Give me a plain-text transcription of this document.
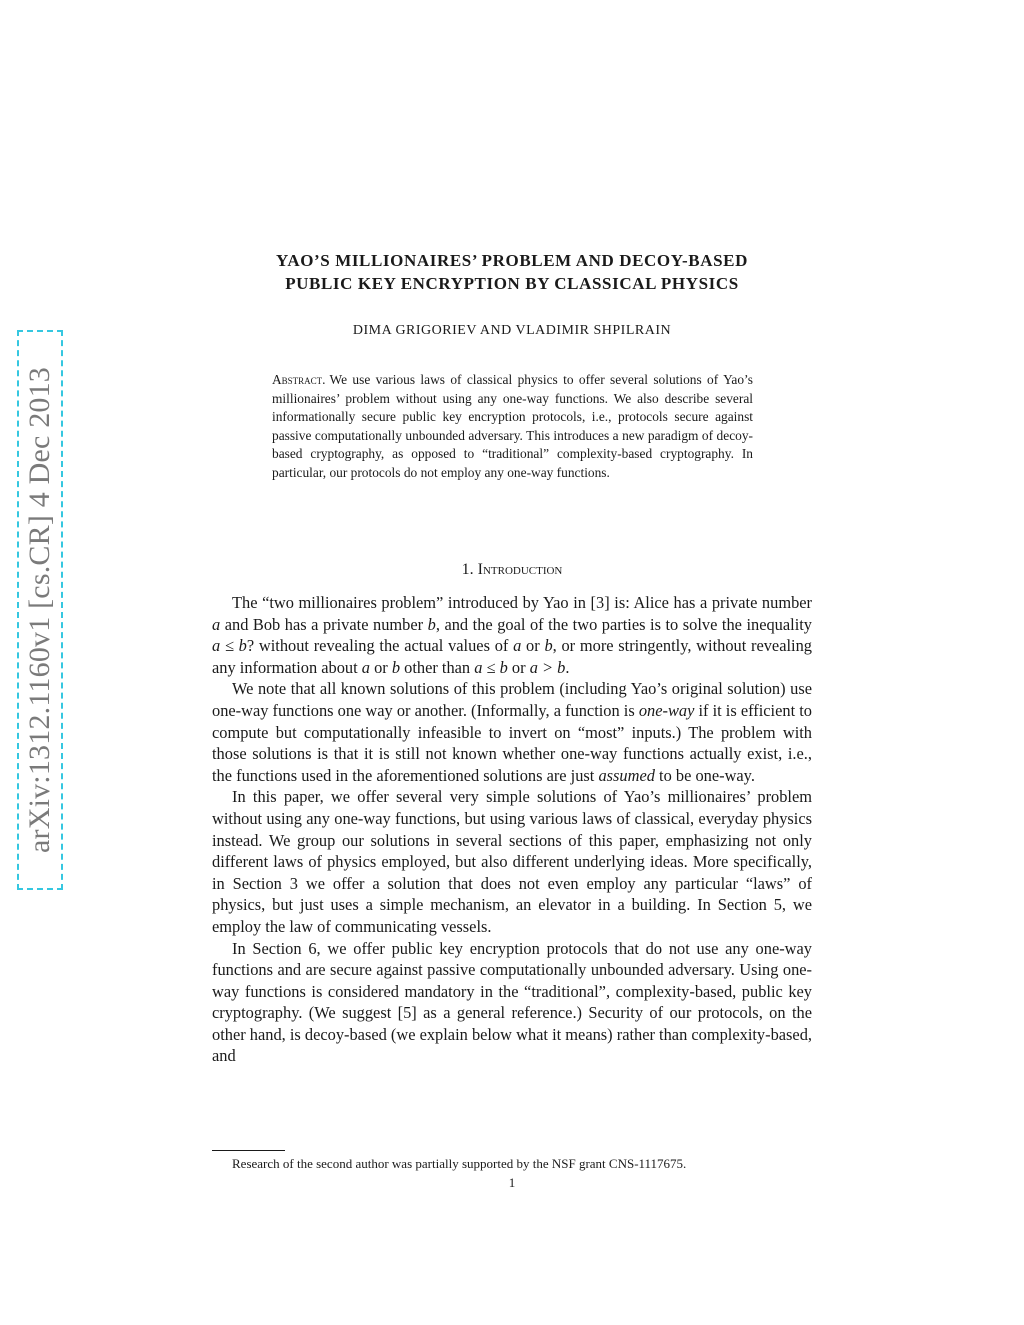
arXiv:1312.1160v1 [cs.CR] 4 Dec 2013
YAO’S MILLIONAIRES’ PROBLEM AND DECOY-BASED
PUBLIC KEY ENCRYPTION BY CLASSICAL PHYSICS
DIMA GRIGORIEV AND VLADIMIR SHPILRAIN
Abstract. We use various laws of classical physics to offer several solutions of Yao’s millionaires’ problem without using any one-way functions. We also describe several informationally secure public key encryption protocols, i.e., protocols secure against passive computationally unbounded adversary. This introduces a new paradigm of decoy-based cryptography, as opposed to “traditional” complexity-based cryptography. In particular, our protocols do not employ any one-way functions.
1. Introduction

The “two millionaires problem” introduced by Yao in [3] is: Alice has a private number a and Bob has a private number b, and the goal of the two parties is to solve the inequality a ≤ b? without revealing the actual values of a or b, or more stringently, without revealing any information about a or b other than a ≤ b or a > b.

We note that all known solutions of this problem (including Yao’s original solution) use one-way functions one way or another. (Informally, a function is one-way if it is efficient to compute but computationally infeasible to invert on “most” inputs.) The problem with those solutions is that it is still not known whether one-way functions actually exist, i.e., the functions used in the aforementioned solutions are just assumed to be one-way.

In this paper, we offer several very simple solutions of Yao’s millionaires’ problem without using any one-way functions, but using various laws of classical, everyday physics instead. We group our solutions in several sections of this paper, emphasizing not only different laws of physics employed, but also different underlying ideas. More specifically, in Section 3 we offer a solution that does not even employ any particular “laws” of physics, but just uses a simple mechanism, an elevator in a building. In Section 5, we employ the law of communicating vessels.

In Section 6, we offer public key encryption protocols that do not use any one-way functions and are secure against passive computationally unbounded adversary. Using one-way functions is considered mandatory in the “traditional”, complexity-based, public key cryptography. (We suggest [5] as a general reference.) Security of our protocols, on the other hand, is decoy-based (we explain below what it means) rather than complexity-based, and

Research of the second author was partially supported by the NSF grant CNS-1117675.
1
